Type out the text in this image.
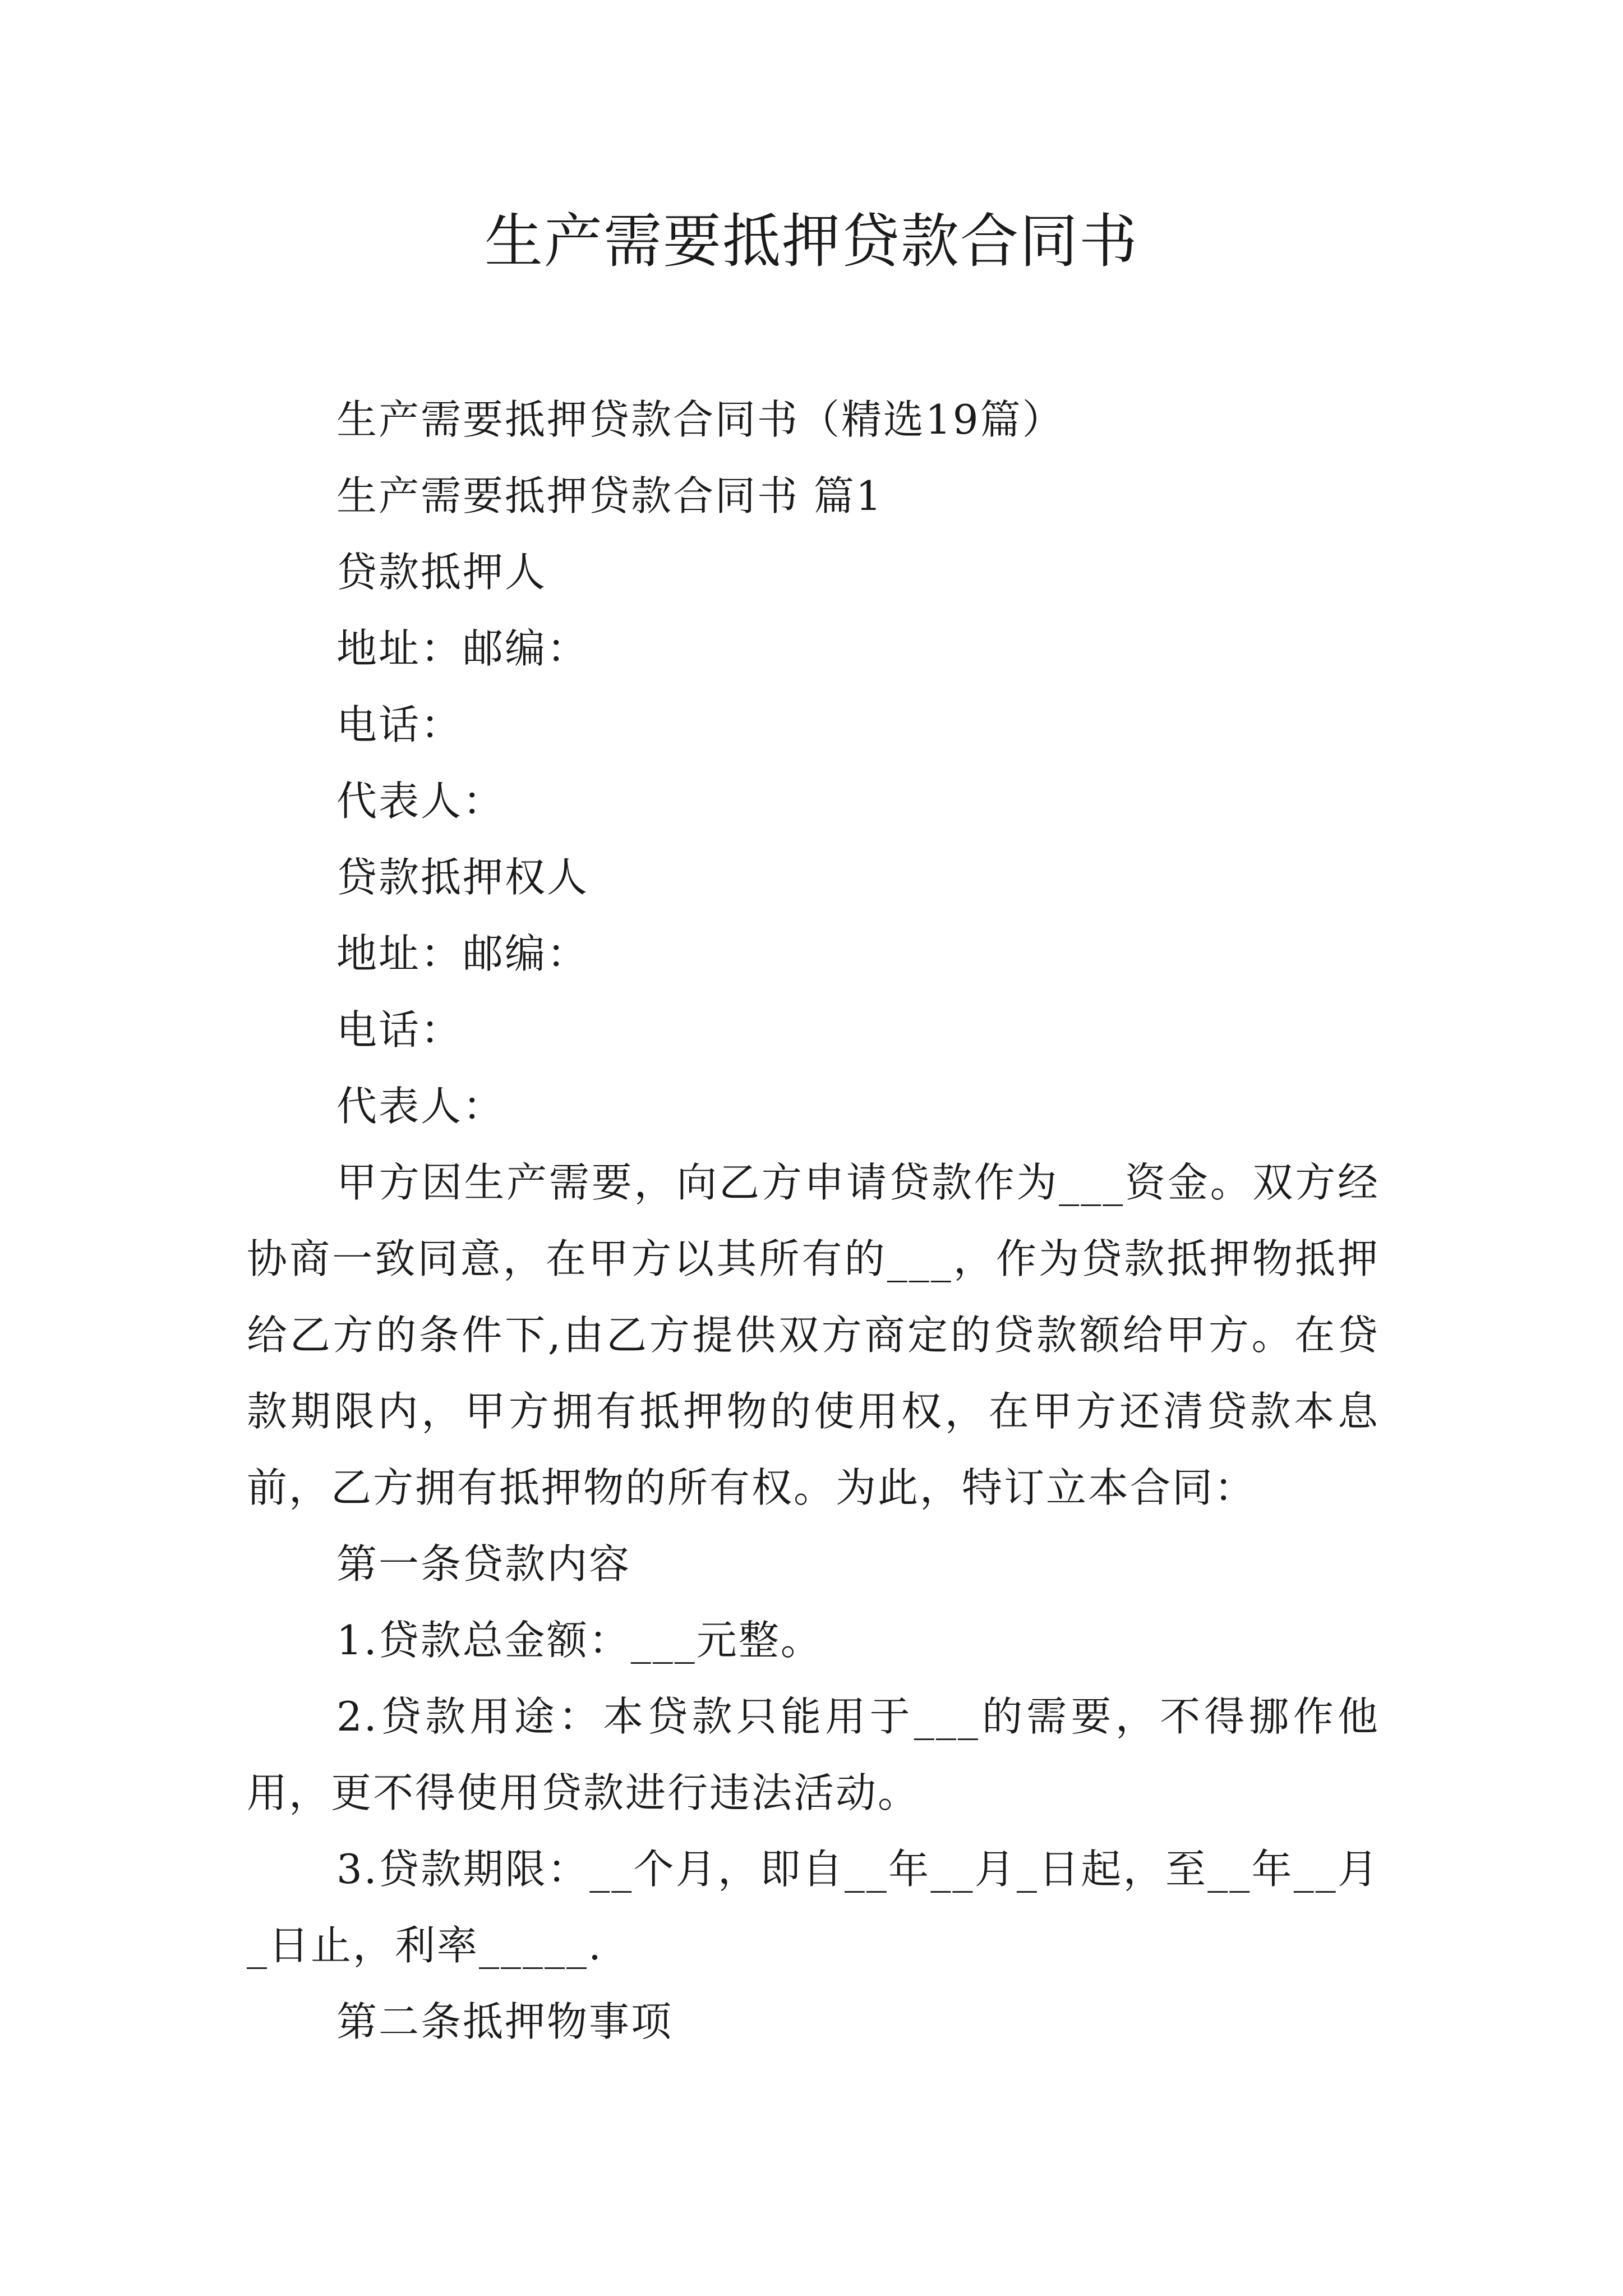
生产需要抵押贷款合同书

生产需要抵押贷款合同书（精选19篇）

生产需要抵押贷款合同书 篇1

贷款抵押人

地址：邮编：

电话：

代表人：

贷款抵押权人

地址：邮编：

电话：

代表人：

甲方因生产需要，向乙方申请贷款作为___资金。双方经协商一致同意，在甲方以其所有的___，作为贷款抵押物抵押给乙方的条件下,由乙方提供双方商定的贷款额给甲方。在贷款期限内，甲方拥有抵押物的使用权，在甲方还清贷款本息前，乙方拥有抵押物的所有权。为此，特订立本合同：

第一条贷款内容

1.贷款总金额：___元整。

2.贷款用途：本贷款只能用于___的需要，不得挪作他用，更不得使用贷款进行违法活动。

3.贷款期限：__个月，即自__年__月_日起，至__年__月_日止，利率_____.

第二条抵押物事项
